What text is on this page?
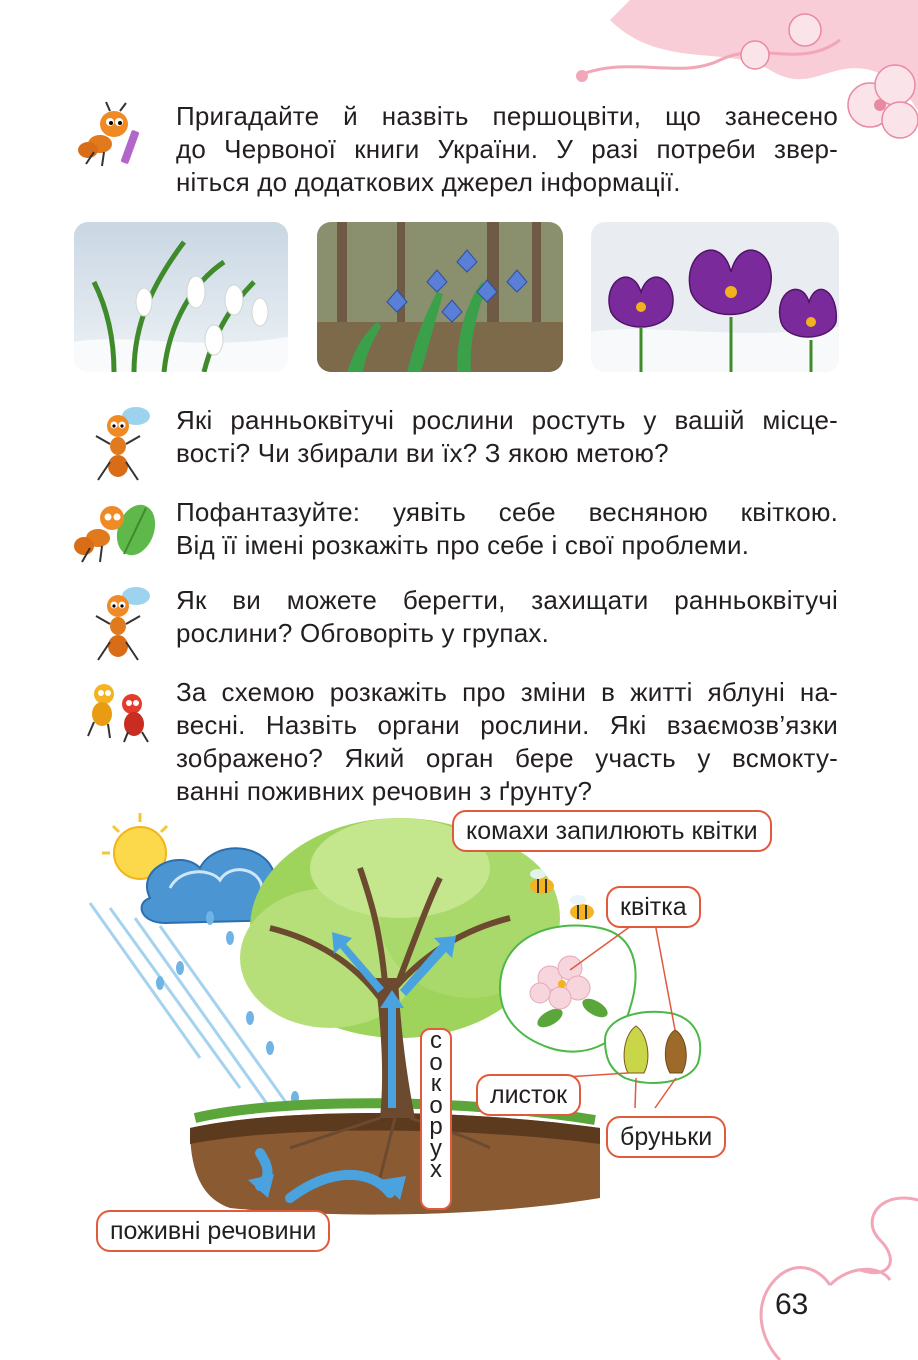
Пригадайте й назвіть першоцвіти, що занесено
до Червоної книги України. У разі потреби звер-
ніться до додаткових джерел інформації.
Які ранньоквітучі рослини ростуть у вашій місце-
вості? Чи збирали ви їх? З якою метою?
Пофантазуйте: уявіть себе весняною квіткою.
Від її імені розкажіть про себе і свої проблеми.
Як ви можете берегти, захищати ранньоквітучі
рослини? Обговоріть у групах.
За схемою розкажіть про зміни в житті яблуні на-
весні. Назвіть органи рослини. Які взаємозв’язки
зображено? Який орган бере участь у всмокту-
ванні поживних речовин з ґрунту?
комахи запилюють квітки
квітка
листок
бруньки
поживні речовини
с
о
к
о
р
у
х
63
